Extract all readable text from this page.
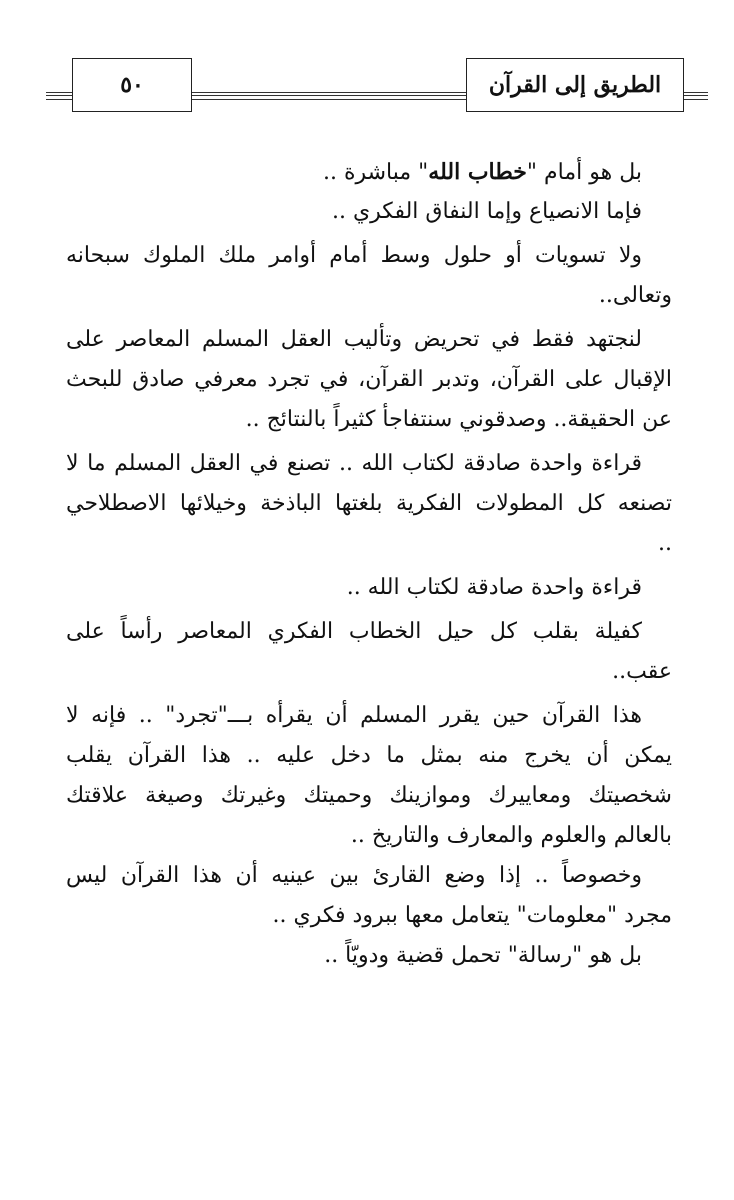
٥٠	الطريق إلى القرآن
بل هو أمام "خطاب الله" مباشرة ..
فإما الانصياع وإما النفاق الفكري ..
ولا تسويات أو حلول وسط أمام أوامر ملك الملوك سبحانه
وتعالى..
لنجتهد فقط في تحريض وتأليب العقل المسلم المعاصر على
الإقبال على القرآن، وتدبر القرآن، في تجرد معرفي صادق للبحث
عن الحقيقة.. وصدقوني سنتفاجأ كثيراً بالنتائج ..
قراءة واحدة صادقة لكتاب الله .. تصنع في العقل المسلم ما لا
تصنعه كل المطولات الفكرية بلغتها الباذخة وخيلائها الاصطلاحي
..
قراءة واحدة صادقة لكتاب الله ..
كفيلة بقلب كل حيل الخطاب الفكري المعاصر رأساً على
عقب..
هذا القرآن حين يقرر المسلم أن يقرأه بـــ"تجرد" .. فإنه لا
يمكن أن يخرج منه بمثل ما دخل عليه .. هذا القرآن يقلب
شخصيتك ومعاييرك وموازينك وحميتك وغيرتك وصيغة علاقتك
بالعالم والعلوم والمعارف والتاريخ ..
وخصوصاً .. إذا وضع القارئ بين عينيه أن هذا القرآن ليس
مجرد "معلومات" يتعامل معها ببرود فكري ..
بل هو "رسالة" تحمل قضية ودويّاً ..
